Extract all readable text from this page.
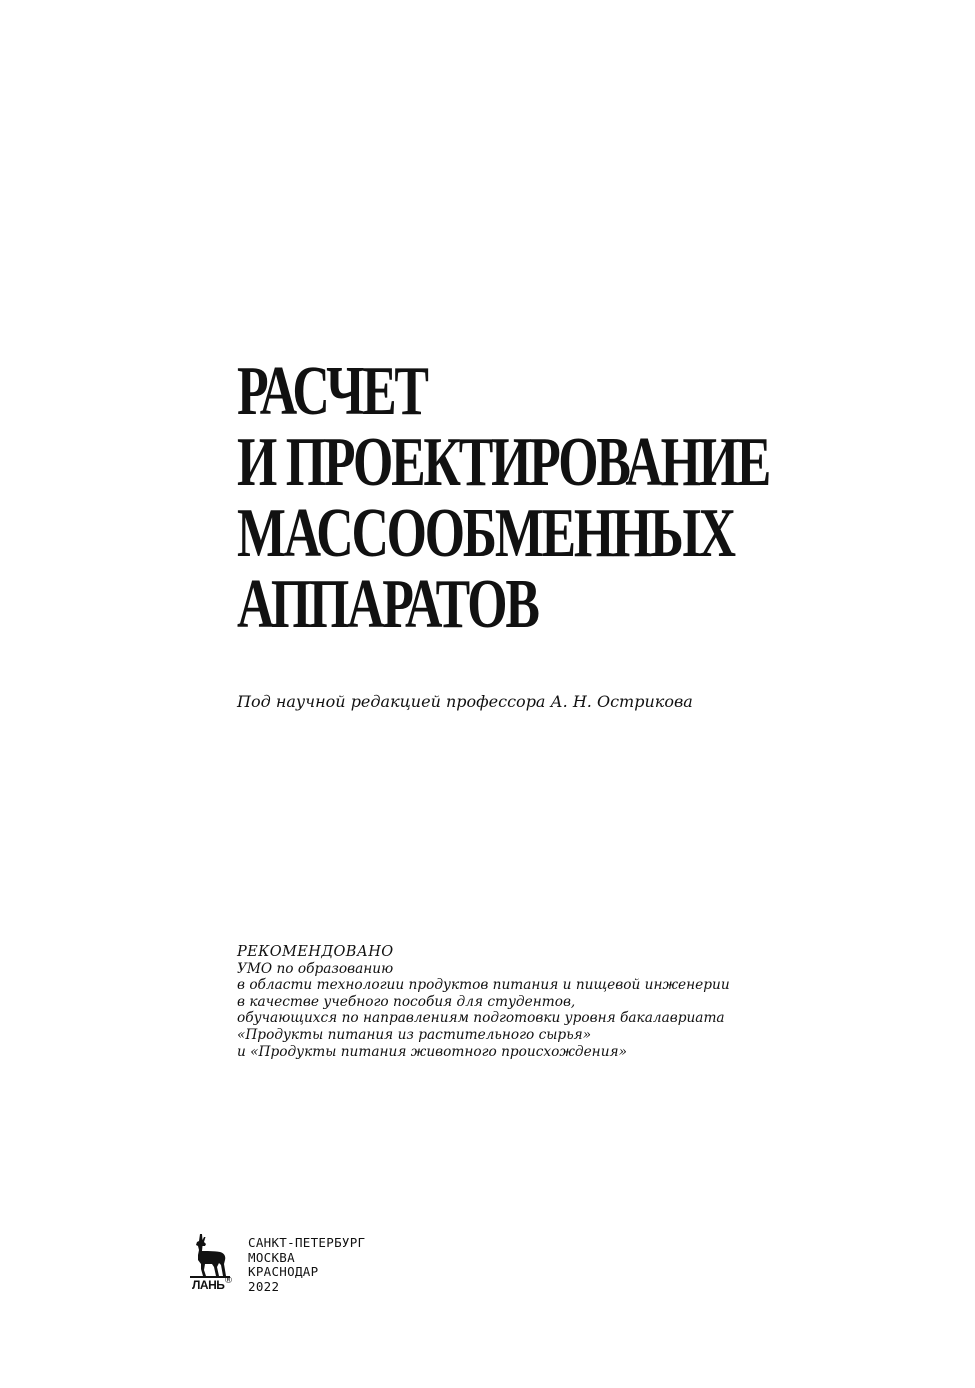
РАСЧЕТ
И ПРОЕКТИРОВАНИЕ
МАССООБМЕННЫХ
АППАРАТОВ
Под научной редакцией профессора А. Н. Острикова
РЕКОМЕНДОВАНО
УМО по образованию
в области технологии продуктов питания и пищевой инженерии
в качестве учебного пособия для студентов,
обучающихся по направлениям подготовки уровня бакалавриата
«Продукты питания из растительного сырья»
и «Продукты питания животного происхождения»
ЛАНЬ ®
САНКТ-ПЕТЕРБУРГ
МОСКВА
КРАСНОДАР
2022
